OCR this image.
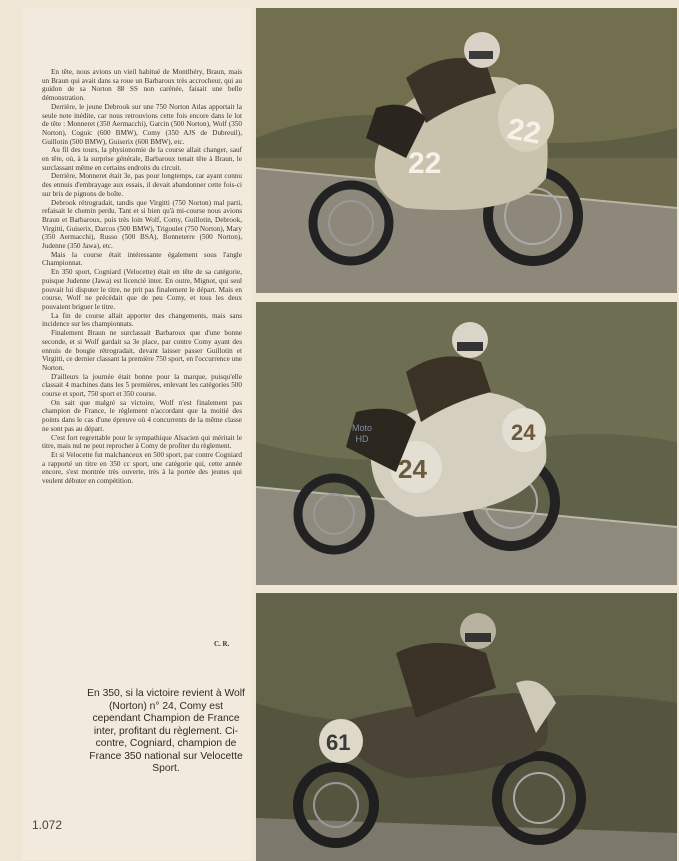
En tête, nous avions un vieil habitué de Montlhéry, Braun, mais un Braun qui avait dans sa roue un Barbaroux très accrocheur, qui au guidon de sa Norton 88 SS non carénée, faisait une belle démonstration.

Derrière, le jeune Debrook sur une 750 Norton Atlas apportait la seule note inédite, car nous retrouvions cette fois encore dans le lot de tête : Monneret (350 Aermacchi), Garcin (500 Norton), Wolf (350 Norton), Coguic (600 BMW), Comy (350 AJS de Dubreuil), Guillotin (500 BMW), Guiserix (600 BMW), etc.

Au fil des tours, la physionomie de la course allait changer, sauf en tête, où, à la surprise générale, Barbaroux tenait tête à Braun, le surclassant même en certains endroits du circuit.

Derrière, Monneret était 3e, pas pour longtemps, car ayant connu des ennuis d'embrayage aux essais, il devait abandonner cette fois-ci sur bris de pignons de boîte.

Debrook rétrogradait, tandis que Virgitti (750 Norton) mal parti, refaisait le chemin perdu. Tant et si bien qu'à mi-course nous avions Braun et Barbaroux, puis très loin Wolf, Comy, Guillotin, Debrook, Virgitti, Guiserix, Darcos (500 BMW), Trigoulet (750 Norton), Mary (350 Aermacchi), Russo (500 BSA), Bonneterre (500 Norton), Judenne (350 Jawa), etc.

Mais la course était intéressante également sous l'angle Championnat.

En 350 sport, Cogniard (Velocette) était en tête de sa catégorie, puisque Judenne (Jawa) est licencié inter. En outre, Mignot, qui seul pouvait lui disputer le titre, ne prit pas finalement le départ. Mais en course, Wolf ne précédait que de peu Comy, et tous les deux pouvaient briguer le titre.

La fin de course allait apporter des changements, mais sans incidence sur les championnats.

Finalement Braun ne surclassait Barbaroux que d'une bonne seconde, et si Wolf gardait sa 3e place, par contre Comy ayant des ennuis de bougie rétrogradait, devant laisser passer Guillotin et Virgitti, ce dernier classant la première 750 sport, en l'occurrence une Norton.

D'ailleurs la journée était bonne pour la marque, puisqu'elle classait 4 machines dans les 5 premières, enlevant les catégories 500 course et sport, 750 sport et 350 course.

On sait que malgré sa victoire, Wolf n'est finalement pas champion de France, le règlement n'accordant que la moitié des points dans le cas d'une épreuve où 4 concurrents de la même classe ne sont pas au départ.

C'est fort regrettable pour le sympathique Alsacien qui méritait le titre, mais nul ne peut reprocher à Comy de profiter du règlement.

Et si Velocette fut malchanceux en 500 sport, par contre Cogniard a rapporté un titre en 350 cc sport, une catégorie qui, cette année encore, s'est montrée très ouverte, très à la portée des jeunes qui veulent débuter en compétition.

C. R.
En 350, si la victoire revient à Wolf (Norton) n° 24, Comy est cependant Champion de France inter, profitant du règlement. Ci-contre, Cogniard, champion de France 350 national sur Velocette Sport.
1.072
22
22
24
24
61
Moto HD
